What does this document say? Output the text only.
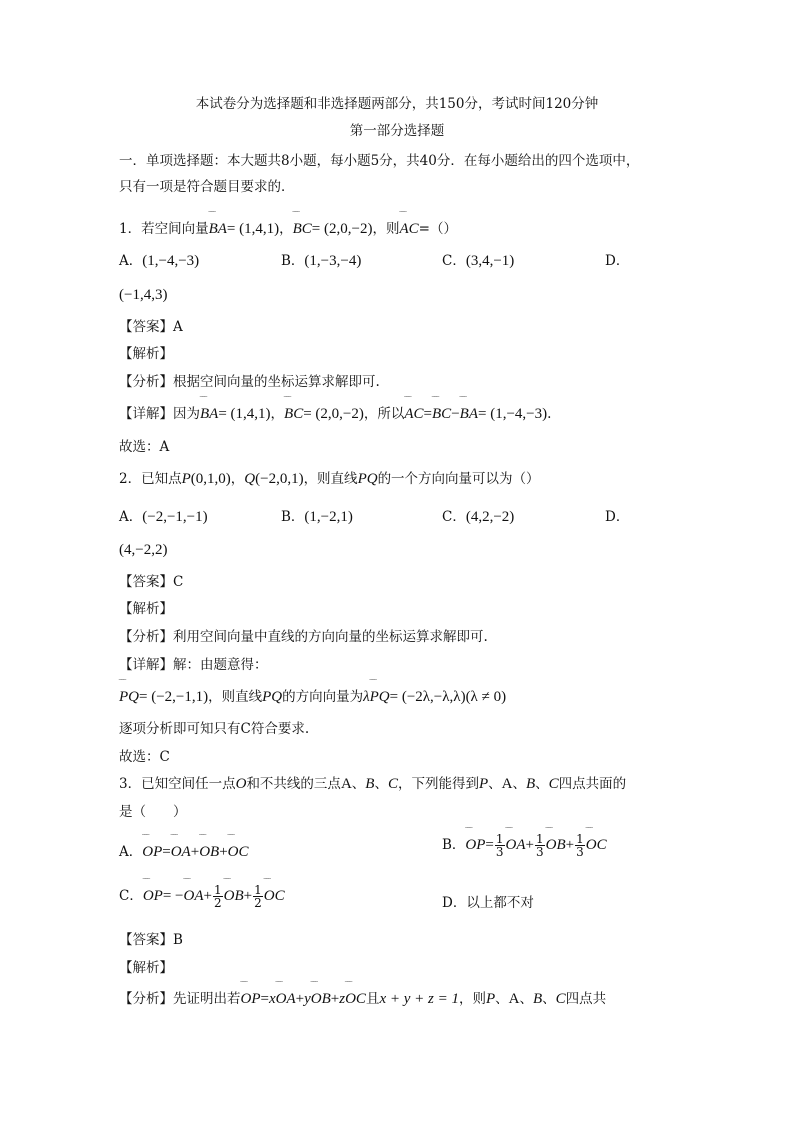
本试卷分为选择题和非选择题两部分，共150分，考试时间120分钟
第一部分选择题
一．单项选择题：本大题共8小题，每小题5分，共40分．在每小题给出的四个选项中，
只有一项是符合题目要求的．
1．若空间向量‾‾‾ BA= (1,4,1)，‾‾‾ BC= (2,0,−2)，则‾‾‾ AC=（）
A．(1,−4,−3)	B．(1,−3,−4)	C．(3,4,−1)	D．
(−1,4,3)
【答案】A
【解析】
【分析】根据空间向量的坐标运算求解即可.
【详解】因为‾‾‾ BA= (1,4,1)，‾‾‾ BC= (2,0,−2)，所以‾‾‾ AC=‾‾‾ BC−‾‾‾ BA= (1,−4,−3).
故选：A
2．已知点P(0,1,0)，Q(−2,0,1)，则直线PQ的一个方向向量可以为（）
A．(−2,−1,−1)	B．(1,−2,1)	C．(4,2,−2)	D．
(4,−2,2)
【答案】C
【解析】
【分析】利用空间向量中直线的方向向量的坐标运算求解即可.
【详解】解：由题意得：
‾‾‾ PQ= (−2,−1,1)，则直线PQ的方向向量为λ‾‾‾ PQ= (−2λ,−λ,λ)(λ ≠ 0)
逐项分析即可知只有C符合要求.
故选：C
3．已知空间任一点O和不共线的三点A、B、C，下列能得到P、A、B、C四点共面的
是（　　）
A．‾‾‾ OP=‾‾‾ OA+‾‾‾ OB+‾‾‾ OC	B．‾‾‾ $OP= \frac{1}{3}$ ‾‾‾ $OA+ \frac{1}{3}$ ‾‾‾ $OB+ \frac{1}{3}$ ‾‾‾ OC
C．‾‾‾ OP= −‾‾‾ $OA+ \frac{1}{2}$ ‾‾‾ $OB+ \frac{1}{2}$ ‾‾‾ OC	D．以上都不对
【答案】B
【解析】
【分析】先证明出若‾‾‾ OP=x‾‾‾ OA+y‾‾‾ OB+z‾‾‾ OC且x + y + z = 1，则P、A、B、C四点共
